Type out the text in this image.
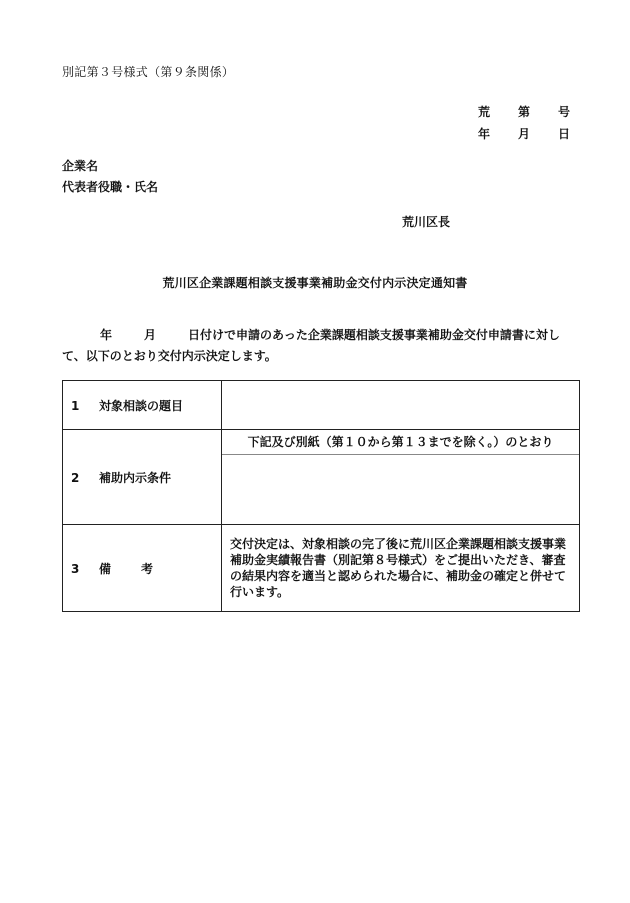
別記第３号様式（第９条関係）
荒 第 号
年 月 日
企業名
代表者役職・氏名
荒川区長
荒川区企業課題相談支援事業補助金交付内示決定通知書
年	月	日付けで申請のあった企業課題相談支援事業補助金交付申請書に対し
て、以下のとおり交付内示決定します。
1 対象相談の題目	
2 補助内示条件	下記及び別紙（第１０から第１３までを除く。）のとおり

3 備 考	交付決定は、対象相談の完了後に荒川区企業課題相談支援事業
補助金実績報告書（別記第８号様式）をご提出いただき、審査
の結果内容を適当と認められた場合に、補助金の確定と併せて
行います。
